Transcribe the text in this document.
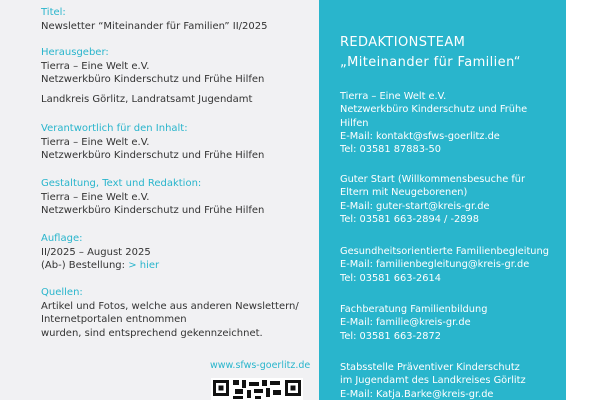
Titel:
Newsletter “Miteinander für Familien” II/2025
Herausgeber:
Tierra – Eine Welt e.V.
Netzwerkbüro Kinderschutz und Frühe Hilfen
Landkreis Görlitz, Landratsamt Jugendamt
Verantwortlich für den Inhalt:
Tierra – Eine Welt e.V.
Netzwerkbüro Kinderschutz und Frühe Hilfen
Gestaltung, Text und Redaktion:
Tierra – Eine Welt e.V.
Netzwerkbüro Kinderschutz und Frühe Hilfen
Auflage:
II/2025 – August 2025
(Ab-) Bestellung: > hier
Quellen:
Artikel und Fotos, welche aus anderen Newslettern/
Internetportalen entnommen
wurden, sind entsprechend gekennzeichnet.
www.sfws-goerlitz.de
REDAKTIONSTEAM
„Miteinander für Familien“
Tierra – Eine Welt e.V.
Netzwerkbüro Kinderschutz und Frühe
Hilfen
E-Mail: kontakt@sfws-goerlitz.de
Tel: 03581 87883-50
Guter Start (Willkommensbesuche für
Eltern mit Neugeborenen)
E-Mail: guter-start@kreis-gr.de
Tel: 03581 663-2894 / -2898
Gesundheitsorientierte Familienbegleitung
E-Mail: familienbegleitung@kreis-gr.de
Tel: 03581 663-2614
Fachberatung Familienbildung
E-Mail: familie@kreis-gr.de
Tel: 03581 663-2872
Stabsstelle Präventiver Kinderschutz
im Jugendamt des Landkreises Görlitz
E-Mail: Katja.Barke@kreis-gr.de
